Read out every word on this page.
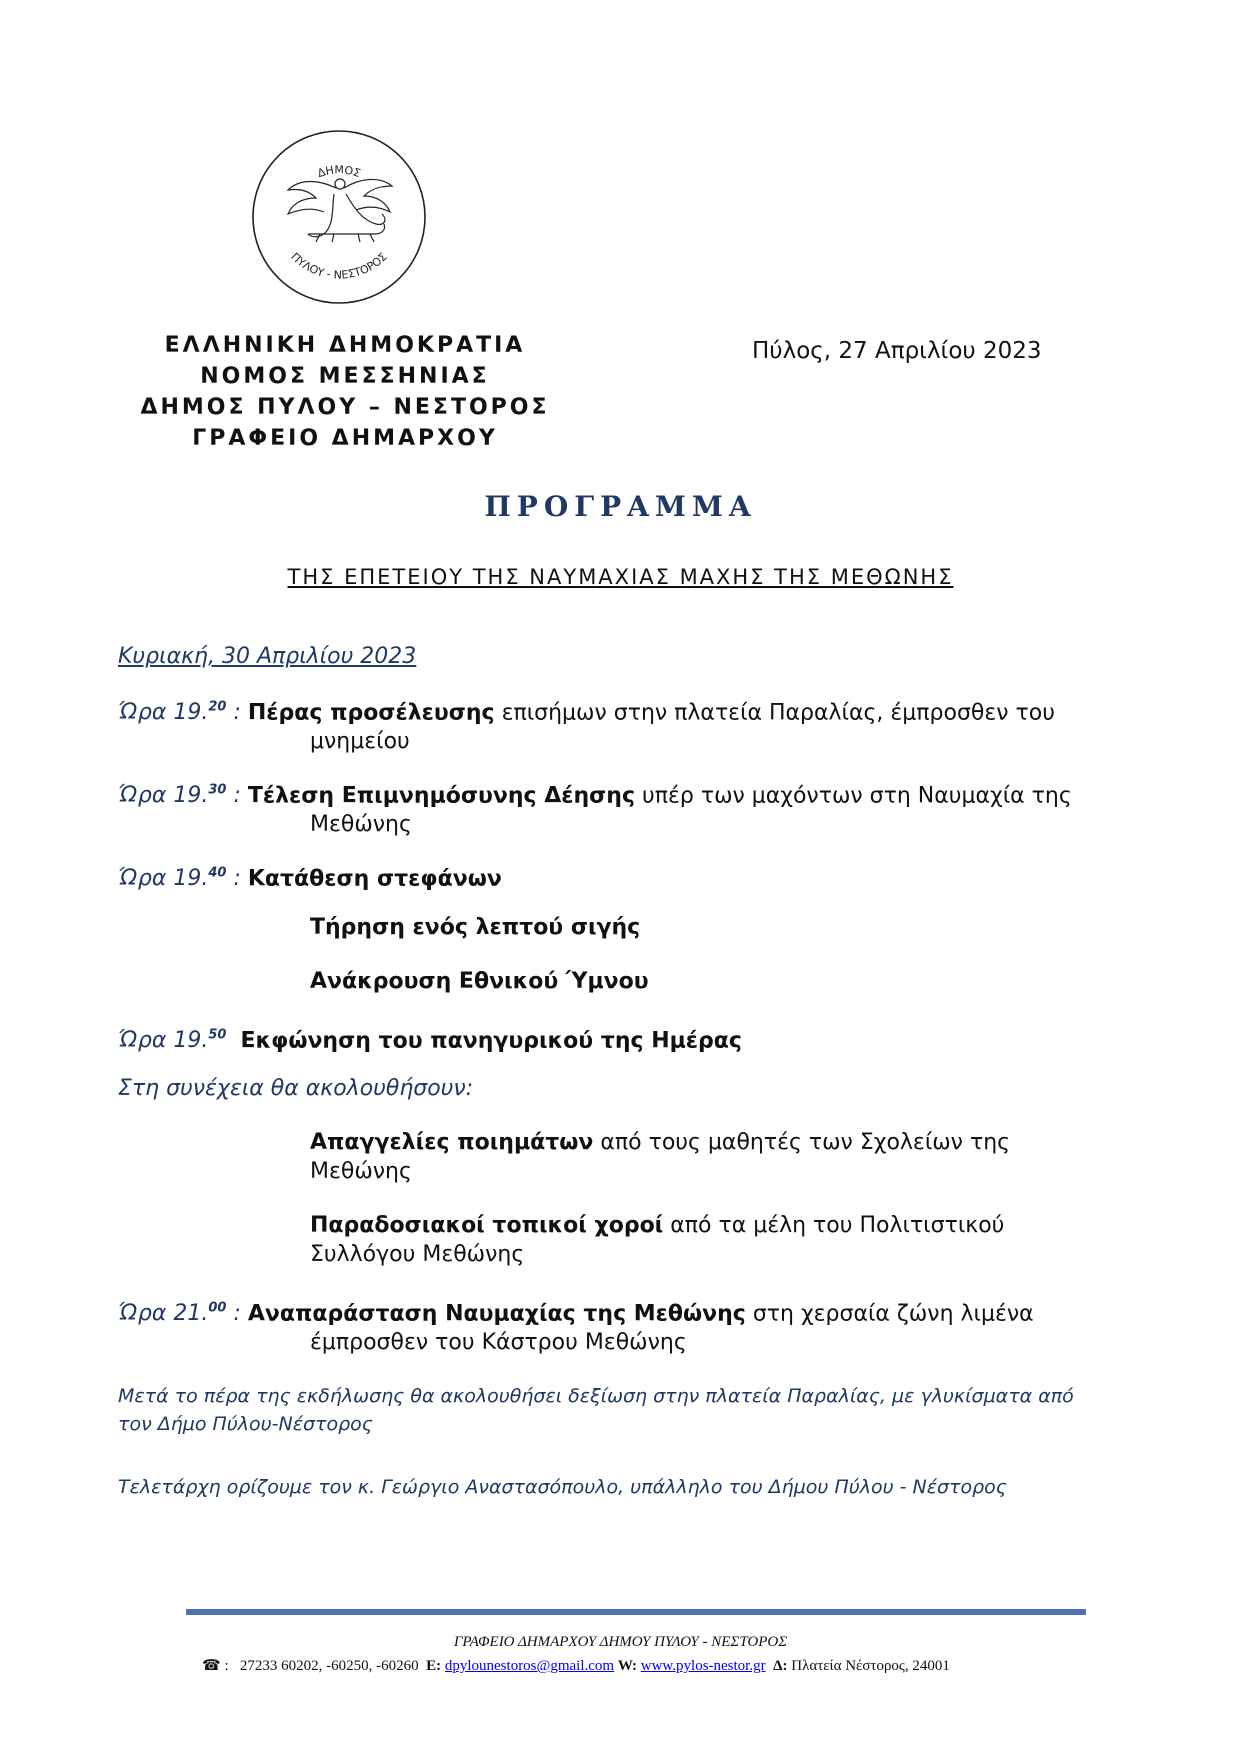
ΔΗΜΟΣ
ΠΥΛΟΥ - ΝΕΣΤΟΡΟΣ
ΕΛΛΗΝΙΚΗ ΔΗΜΟΚΡΑΤΙΑ
ΝΟΜΟΣ ΜΕΣΣΗΝΙΑΣ
ΔΗΜΟΣ ΠΥΛΟΥ – ΝΕΣΤΟΡΟΣ
ΓΡΑΦΕΙΟ ΔΗΜΑΡΧΟΥ
Πύλος, 27 Απριλίου 2023
ΠΡΟΓΡΑΜΜΑ
ΤΗΣ ΕΠΕΤΕΙΟΥ ΤΗΣ ΝΑΥΜΑΧΙΑΣ ΜΑΧΗΣ ΤΗΣ ΜΕΘΩΝΗΣ
Κυριακή, 30 Απριλίου 2023
Ώρα 19.20 : Πέρας προσέλευσης επισήμων στην πλατεία Παραλίας, έμπροσθεν του
μνημείου
Ώρα 19.30 : Τέλεση Επιμνημόσυνης Δέησης υπέρ των μαχόντων στη Ναυμαχία της
Μεθώνης
Ώρα 19.40 : Κατάθεση στεφάνων
Τήρηση ενός λεπτού σιγής
Ανάκρουση Εθνικού Ύμνου
Ώρα 19.50 Εκφώνηση του πανηγυρικού της Ημέρας
Στη συνέχεια θα ακολουθήσουν:
Απαγγελίες ποιημάτων από τους μαθητές των Σχολείων της
Μεθώνης
Παραδοσιακοί τοπικοί χοροί από τα μέλη του Πολιτιστικού
Συλλόγου Μεθώνης
Ώρα 21.00 : Αναπαράσταση Ναυμαχίας της Μεθώνης στη χερσαία ζώνη λιμένα
έμπροσθεν του Κάστρου Μεθώνης
Μετά το πέρα της εκδήλωσης θα ακολουθήσει δεξίωση στην πλατεία Παραλίας, με γλυκίσματα από τον Δήμο Πύλου-Νέστορος
Τελετάρχη ορίζουμε τον κ. Γεώργιο Αναστασόπουλο, υπάλληλο του Δήμου Πύλου - Νέστορος
ΓΡΑΦΕΙΟ ΔΗΜΑΡΧΟΥ ΔΗΜΟΥ ΠΥΛΟΥ - ΝΕΣΤΟΡΟΣ
☎ :   27233 60202, -60250, -60260 E: dpylounestoros@gmail.com W: www.pylos-nestor.gr Δ: Πλατεία Νέστορος, 24001
